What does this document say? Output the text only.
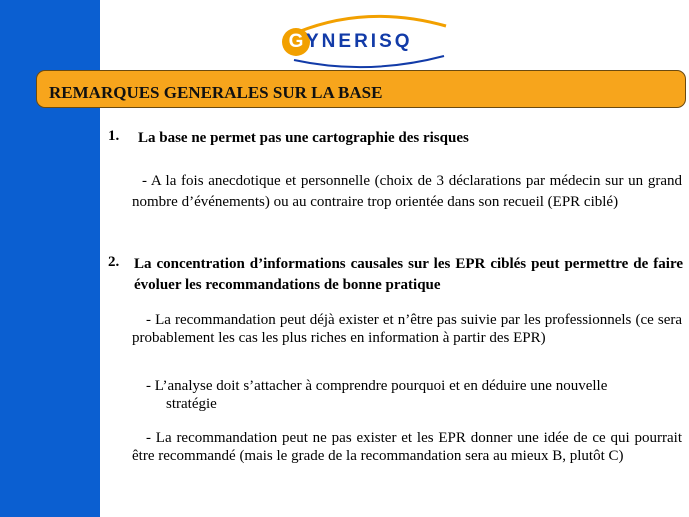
G YNERISQ
REMARQUES GENERALES SUR LA BASE
1. La base ne permet pas une cartographie des risques

- A la fois anecdotique et personnelle (choix de 3 déclarations par médecin sur un grand nombre d’événements) ou au contraire trop orientée dans son recueil (EPR ciblé)

2. La concentration d’informations causales sur les EPR ciblés peut permettre de faire évoluer les recommandations de bonne pratique

- La recommandation peut déjà exister et n’être pas suivie par les professionnels (ce sera probablement les cas les plus riches en information à partir des EPR)

- L’analyse doit s’attacher à comprendre pourquoi et en déduire une nouvelle

stratégie

- La recommandation peut ne pas exister et les EPR donner une idée de ce qui pourrait être recommandé (mais le grade de la recommandation sera au mieux B, plutôt C)
